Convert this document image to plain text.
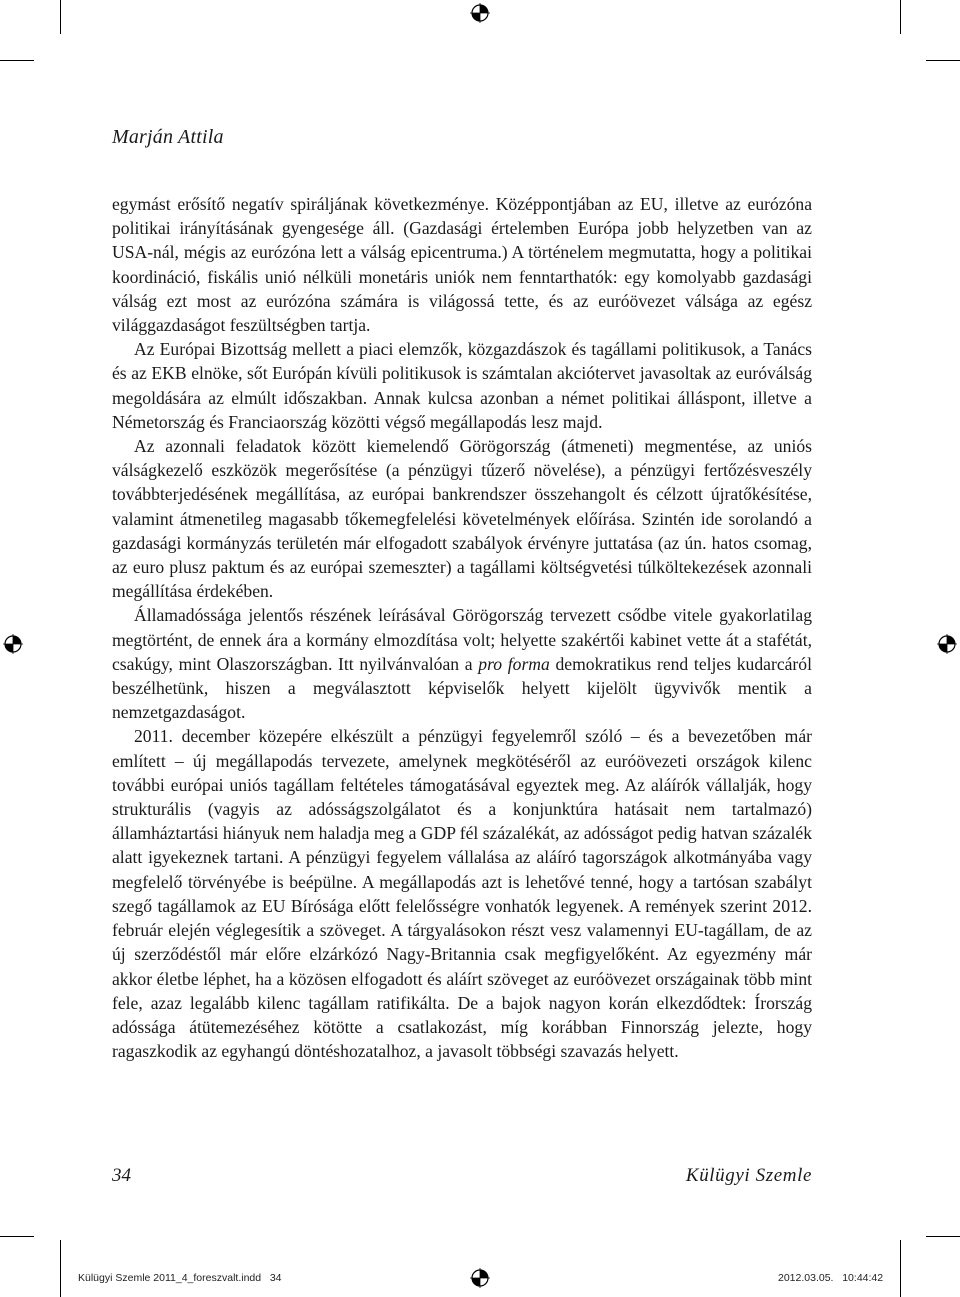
Marján Attila

egymást erősítő negatív spiráljának következménye. Középpontjában az EU, illetve az eurózóna politikai irányításának gyengesége áll. (Gazdasági értelemben Európa jobb helyzetben van az USA-nál, mégis az eurózóna lett a válság epicentruma.) A történelem megmutatta, hogy a politikai koordináció, fiskális unió nélküli monetáris uniók nem fenntarthatók: egy komolyabb gazdasági válság ezt most az eurózóna számára is világossá tette, és az euróövezet válsága az egész világgazdaságot feszültségben tartja.

Az Európai Bizottság mellett a piaci elemzők, közgazdászok és tagállami politikusok, a Tanács és az EKB elnöke, sőt Európán kívüli politikusok is számtalan akciótervet javasoltak az euróválság megoldására az elmúlt időszakban. Annak kulcsa azonban a német politikai álláspont, illetve a Németország és Franciaország közötti végső megállapodás lesz majd.

Az azonnali feladatok között kiemelendő Görögország (átmeneti) megmentése, az uniós válságkezelő eszközök megerősítése (a pénzügyi tűzerő növelése), a pénzügyi fertőzésveszély továbbterjedésének megállítása, az európai bankrendszer összehangolt és célzott újratőkésítése, valamint átmenetileg magasabb tőkemegfelelési követelmények előírása. Szintén ide sorolandó a gazdasági kormányzás területén már elfogadott szabályok érvényre juttatása (az ún. hatos csomag, az euro plusz paktum és az európai szemeszter) a tagállami költségvetési túlköltekezések azonnali megállítása érdekében.

Államadóssága jelentős részének leírásával Görögország tervezett csődbe vitele gyakorlatilag megtörtént, de ennek ára a kormány elmozdítása volt; helyette szakértői kabinet vette át a stafétát, csakúgy, mint Olaszországban. Itt nyilvánvalóan a pro forma demokratikus rend teljes kudarcáról beszélhetünk, hiszen a megválasztott képviselők helyett kijelölt ügyvivők mentik a nemzetgazdaságot.

2011. december közepére elkészült a pénzügyi fegyelemről szóló – és a bevezetőben már említett – új megállapodás tervezete, amelynek megkötéséről az euróövezeti országok kilenc további európai uniós tagállam feltételes támogatásával egyeztek meg. Az aláírók vállalják, hogy strukturális (vagyis az adósságszolgálatot és a konjunktúra hatásait nem tartalmazó) államháztartási hiányuk nem haladja meg a GDP fél százalékát, az adósságot pedig hatvan százalék alatt igyekeznek tartani. A pénzügyi fegyelem vállalása az aláíró tagországok alkotmányába vagy megfelelő törvényébe is beépülne. A megállapodás azt is lehetővé tenné, hogy a tartósan szabályt szegő tagállamok az EU Bírósága előtt felelősségre vonhatók legyenek. A remények szerint 2012. február elején véglegesítik a szöveget. A tárgyalásokon részt vesz valamennyi EU-tagállam, de az új szerződéstől már előre elzárkózó Nagy-Britannia csak megfigyelőként. Az egyezmény már akkor életbe léphet, ha a közösen elfogadott és aláírt szöveget az euróövezet országainak több mint fele, azaz legalább kilenc tagállam ratifikálta. De a bajok nagyon korán elkezdődtek: Írország adóssága átütemezéséhez kötötte a csatlakozást, míg korábban Finnország jelezte, hogy ragaszkodik az egyhangú döntéshozatalhoz, a javasolt többségi szavazás helyett.

34	Külügyi Szemle
Külügyi Szemle 2011_4_foreszvalt.indd   34	2012.03.05.   10:44:42
